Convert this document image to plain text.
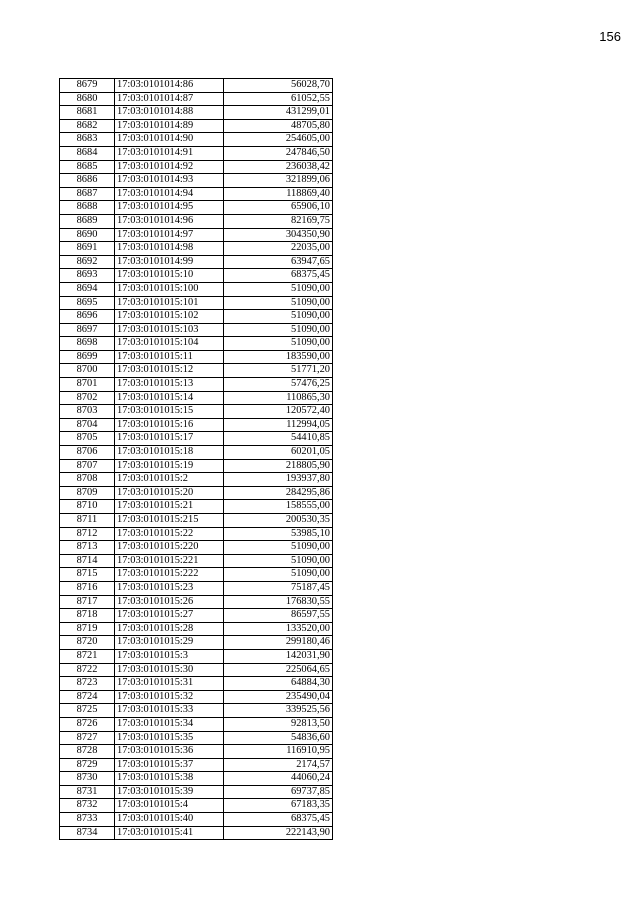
156
8679	17:03:0101014:86	56028,70
8680	17:03:0101014:87	61052,55
8681	17:03:0101014:88	431299,01
8682	17:03:0101014:89	48705,80
8683	17:03:0101014:90	254605,00
8684	17:03:0101014:91	247846,50
8685	17:03:0101014:92	236038,42
8686	17:03:0101014:93	321899,06
8687	17:03:0101014:94	118869,40
8688	17:03:0101014:95	65906,10
8689	17:03:0101014:96	82169,75
8690	17:03:0101014:97	304350,90
8691	17:03:0101014:98	22035,00
8692	17:03:0101014:99	63947,65
8693	17:03:0101015:10	68375,45
8694	17:03:0101015:100	51090,00
8695	17:03:0101015:101	51090,00
8696	17:03:0101015:102	51090,00
8697	17:03:0101015:103	51090,00
8698	17:03:0101015:104	51090,00
8699	17:03:0101015:11	183590,00
8700	17:03:0101015:12	51771,20
8701	17:03:0101015:13	57476,25
8702	17:03:0101015:14	110865,30
8703	17:03:0101015:15	120572,40
8704	17:03:0101015:16	112994,05
8705	17:03:0101015:17	54410,85
8706	17:03:0101015:18	60201,05
8707	17:03:0101015:19	218805,90
8708	17:03:0101015:2	193937,80
8709	17:03:0101015:20	284295,86
8710	17:03:0101015:21	158555,00
8711	17:03:0101015:215	200530,35
8712	17:03:0101015:22	53985,10
8713	17:03:0101015:220	51090,00
8714	17:03:0101015:221	51090,00
8715	17:03:0101015:222	51090,00
8716	17:03:0101015:23	75187,45
8717	17:03:0101015:26	176830,55
8718	17:03:0101015:27	86597,55
8719	17:03:0101015:28	133520,00
8720	17:03:0101015:29	299180,46
8721	17:03:0101015:3	142031,90
8722	17:03:0101015:30	225064,65
8723	17:03:0101015:31	64884,30
8724	17:03:0101015:32	235490,04
8725	17:03:0101015:33	339525,56
8726	17:03:0101015:34	92813,50
8727	17:03:0101015:35	54836,60
8728	17:03:0101015:36	116910,95
8729	17:03:0101015:37	2174,57
8730	17:03:0101015:38	44060,24
8731	17:03:0101015:39	69737,85
8732	17:03:0101015:4	67183,35
8733	17:03:0101015:40	68375,45
8734	17:03:0101015:41	222143,90
